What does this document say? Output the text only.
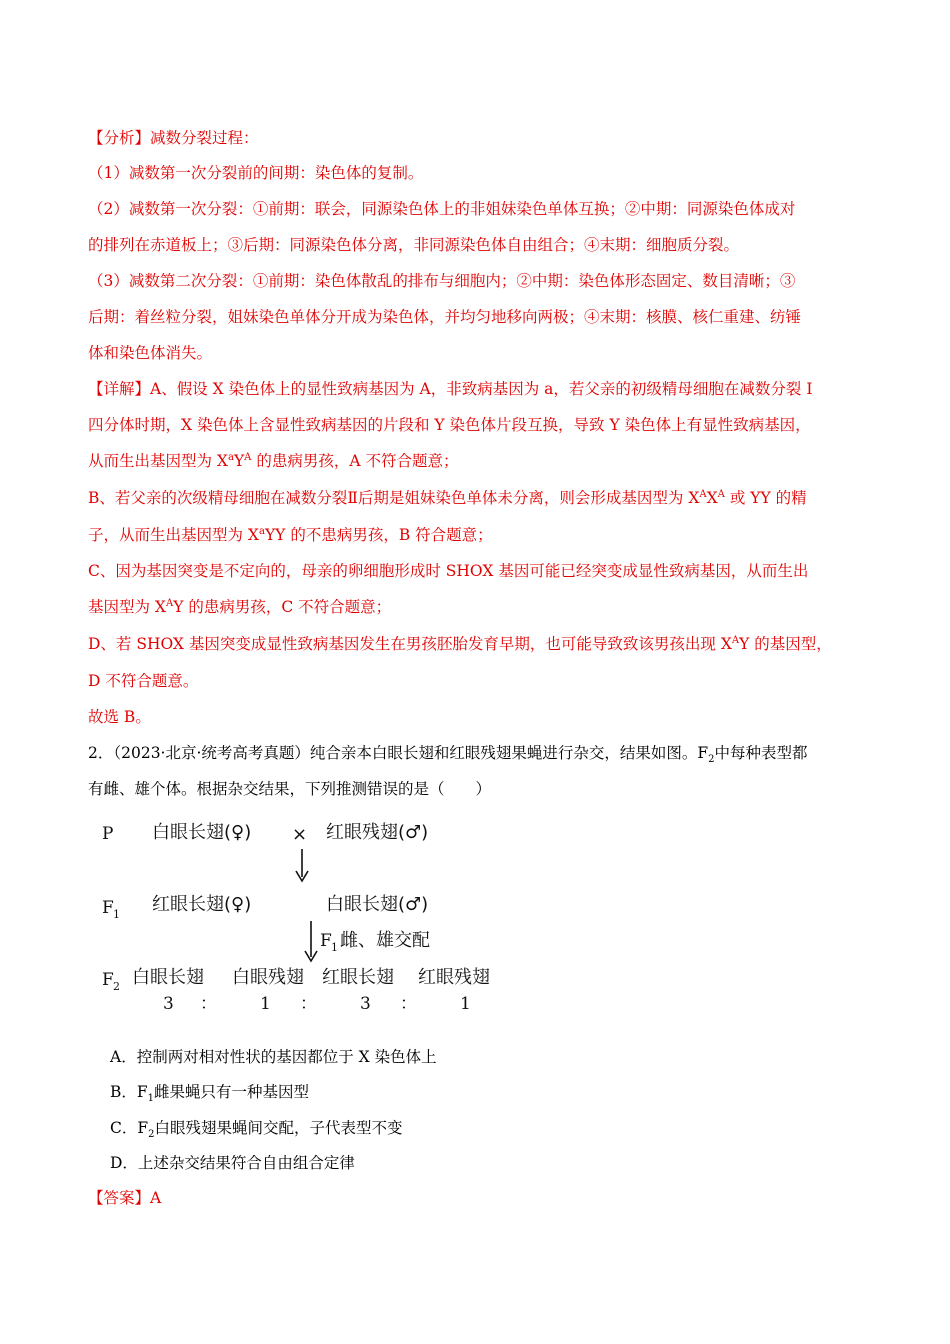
【分析】减数分裂过程：
（1）减数第一次分裂前的间期：染色体的复制。
（2）减数第一次分裂：①前期：联会，同源染色体上的非姐妹染色单体互换；②中期：同源染色体成对
的排列在赤道板上；③后期：同源染色体分离，非同源染色体自由组合；④末期：细胞质分裂。
（3）减数第二次分裂：①前期：染色体散乱的排布与细胞内；②中期：染色体形态固定、数目清晰；③
后期：着丝粒分裂，姐妹染色单体分开成为染色体，并均匀地移向两极；④末期：核膜、核仁重建、纺锤
体和染色体消失。
【详解】A、假设 X 染色体上的显性致病基因为 A，非致病基因为 a，若父亲的初级精母细胞在减数分裂 I
四分体时期，X 染色体上含显性致病基因的片段和 Y 染色体片段互换，导致 Y 染色体上有显性致病基因，
从而生出基因型为 $X^aY^A$ 的患病男孩，A 不符合题意；
B、若父亲的次级精母细胞在减数分裂Ⅱ后期是姐妹染色单体未分离，则会形成基因型为 $X^AX^A$ 或 YY 的精
子，从而生出基因型为 $X^aYY$ 的不患病男孩，B 符合题意；
C、因为基因突变是不定向的，母亲的卵细胞形成时 SHOX 基因可能已经突变成显性致病基因，从而生出
基因型为 $X^AY$ 的患病男孩，C 不符合题意；
D、若 SHOX 基因突变成显性致病基因发生在男孩胚胎发育早期，也可能导致致该男孩出现 $X^AY$ 的基因型，
D 不符合题意。
故选 B。
2．（2023·北京·统考高考真题）纯合亲本白眼长翅和红眼残翅果蝇进行杂交，结果如图。$F_2$中每种表型都
有雌、雄个体。根据杂交结果，下列推测错误的是（　　）
P 白眼长翅(♀) × 红眼残翅(♂)
F 1 红眼长翅(♀)	白眼长翅(♂)
F 1 雌、雄交配
F 2 白眼长翅 白眼残翅 红眼长翅 红眼残翅
3 ：	1 ：	3 ：	1
A．控制两对相对性状的基因都位于 X 染色体上
B．$F_1$雌果蝇只有一种基因型
C．$F_2$白眼残翅果蝇间交配，子代表型不变
D．上述杂交结果符合自由组合定律
【答案】A
